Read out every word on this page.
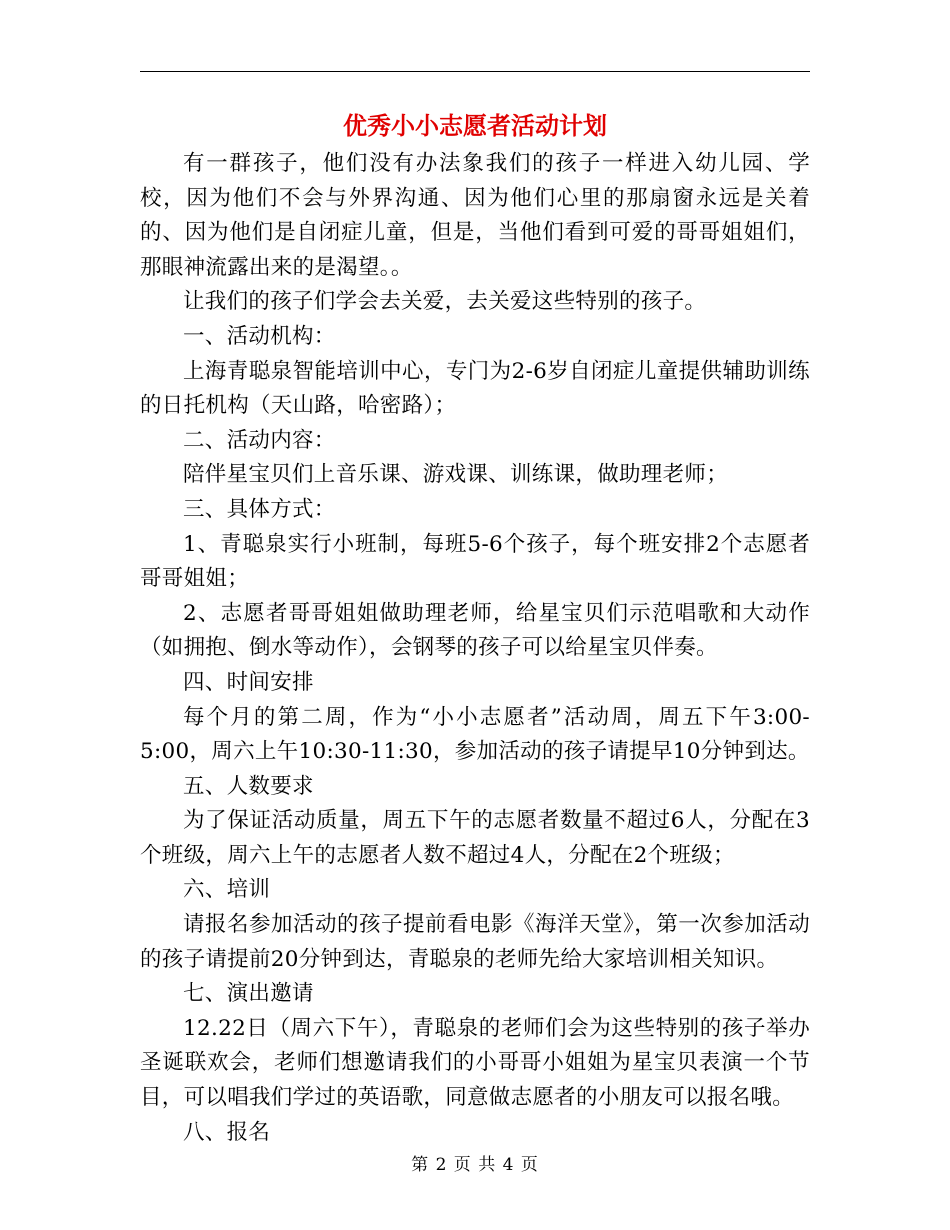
优秀小小志愿者活动计划

有一群孩子，他们没有办法象我们的孩子一样进入幼儿园、学校，因为他们不会与外界沟通、因为他们心里的那扇窗永远是关着的、因为他们是自闭症儿童，但是，当他们看到可爱的哥哥姐姐们，那眼神流露出来的是渴望。。

让我们的孩子们学会去关爱，去关爱这些特别的孩子。

一、活动机构：

上海青聪泉智能培训中心，专门为2-6岁自闭症儿童提供辅助训练的日托机构（天山路，哈密路）；

二、活动内容：

陪伴星宝贝们上音乐课、游戏课、训练课，做助理老师；

三、具体方式：

1、青聪泉实行小班制，每班5-6个孩子，每个班安排2个志愿者哥哥姐姐；

2、志愿者哥哥姐姐做助理老师，给星宝贝们示范唱歌和大动作（如拥抱、倒水等动作），会钢琴的孩子可以给星宝贝伴奏。

四、时间安排

每个月的第二周，作为“小小志愿者”活动周，周五下午3:00-5:00，周六上午10:30-11:30，参加活动的孩子请提早10分钟到达。

五、人数要求

为了保证活动质量，周五下午的志愿者数量不超过6人，分配在3个班级，周六上午的志愿者人数不超过4人，分配在2个班级；

六、培训

请报名参加活动的孩子提前看电影《海洋天堂》，第一次参加活动的孩子请提前20分钟到达，青聪泉的老师先给大家培训相关知识。

七、演出邀请

12.22日（周六下午），青聪泉的老师们会为这些特别的孩子举办圣诞联欢会，老师们想邀请我们的小哥哥小姐姐为星宝贝表演一个节目，可以唱我们学过的英语歌，同意做志愿者的小朋友可以报名哦。

八、报名

第 2 页 共 4 页
